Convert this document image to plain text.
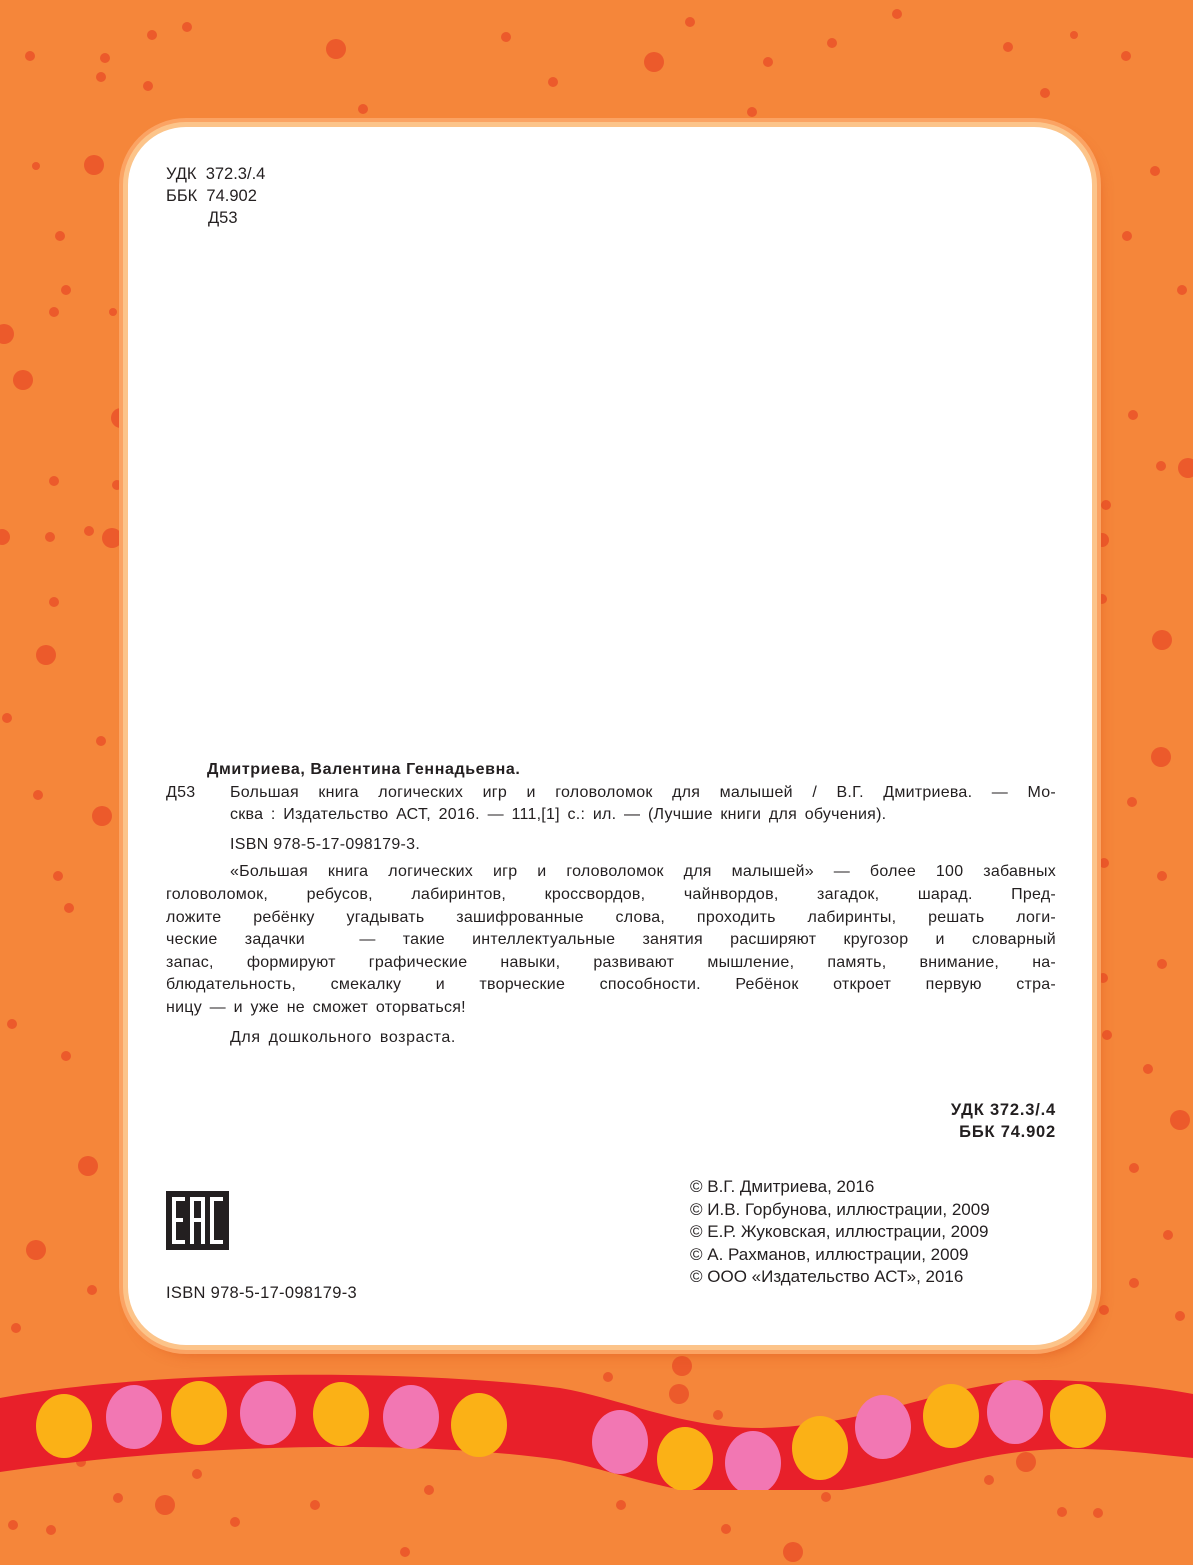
УДК  372.3/.4
ББК  74.902
Д53
Дмитриева, Валентина Геннадьевна.
Д53 Большая книга логических игр и головоломок для малышей / В.Г. Дмитриева. — Мо-
сква : Издательство АСТ, 2016. — 111,[1] с.: ил. — (Лучшие книги для обучения).
ISBN 978-5-17-098179-3.
«Большая книга логических игр и головоломок для малышей» — более 100 забавных
головоломок, ребусов, лабиринтов, кроссвордов, чайнвордов, загадок, шарад. Пред-
ложите ребёнку угадывать зашифрованные слова, проходить лабиринты, решать логи-
ческие задачки  — такие интеллектуальные занятия расширяют кругозор и словарный
запас, формируют графические навыки, развивают мышление, память, внимание, на-
блюдательность, смекалку и творческие способности. Ребёнок откроет первую стра-
ницу — и уже не сможет оторваться!
Для дошкольного возраста.
УДК 372.3/.4
ББК 74.902
© В.Г. Дмитриева, 2016
© И.В. Горбунова, иллюстрации, 2009
© Е.Р. Жуковская, иллюстрации, 2009
© А. Рахманов, иллюстрации, 2009
© ООО «Издательство АСТ», 2016
ISBN 978-5-17-098179-3
